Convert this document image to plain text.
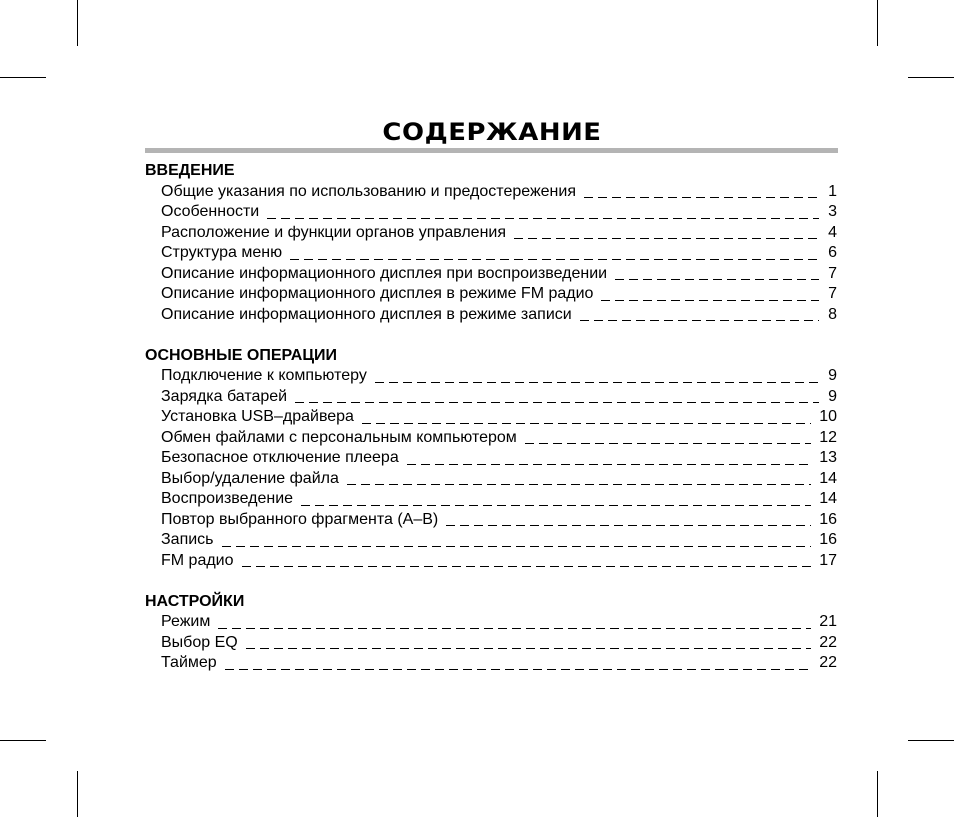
СОДЕРЖАНИЕ
ВВЕДЕНИЕ
Общие указания по использованию и предостережения	1
Особенности	3
Расположение и функции органов управления	4
Структура меню	6
Описание информационного дисплея при воспроизведении	7
Описание информационного дисплея в режиме FM радио	7
Описание информационного дисплея в режиме записи	8
ОСНОВНЫЕ ОПЕРАЦИИ
Подключение к компьютеру	9
Зарядка батарей	9
Установка USB–драйвера	10
Обмен файлами с персональным компьютером	12
Безопасное отключение плеера	13
Выбор/удаление файла	14
Воспроизведение	14
Повтор выбранного фрагмента (A–B)	16
Запись	16
FM радио	17
НАСТРОЙКИ
Режим	21
Выбор EQ	22
Таймер	22
